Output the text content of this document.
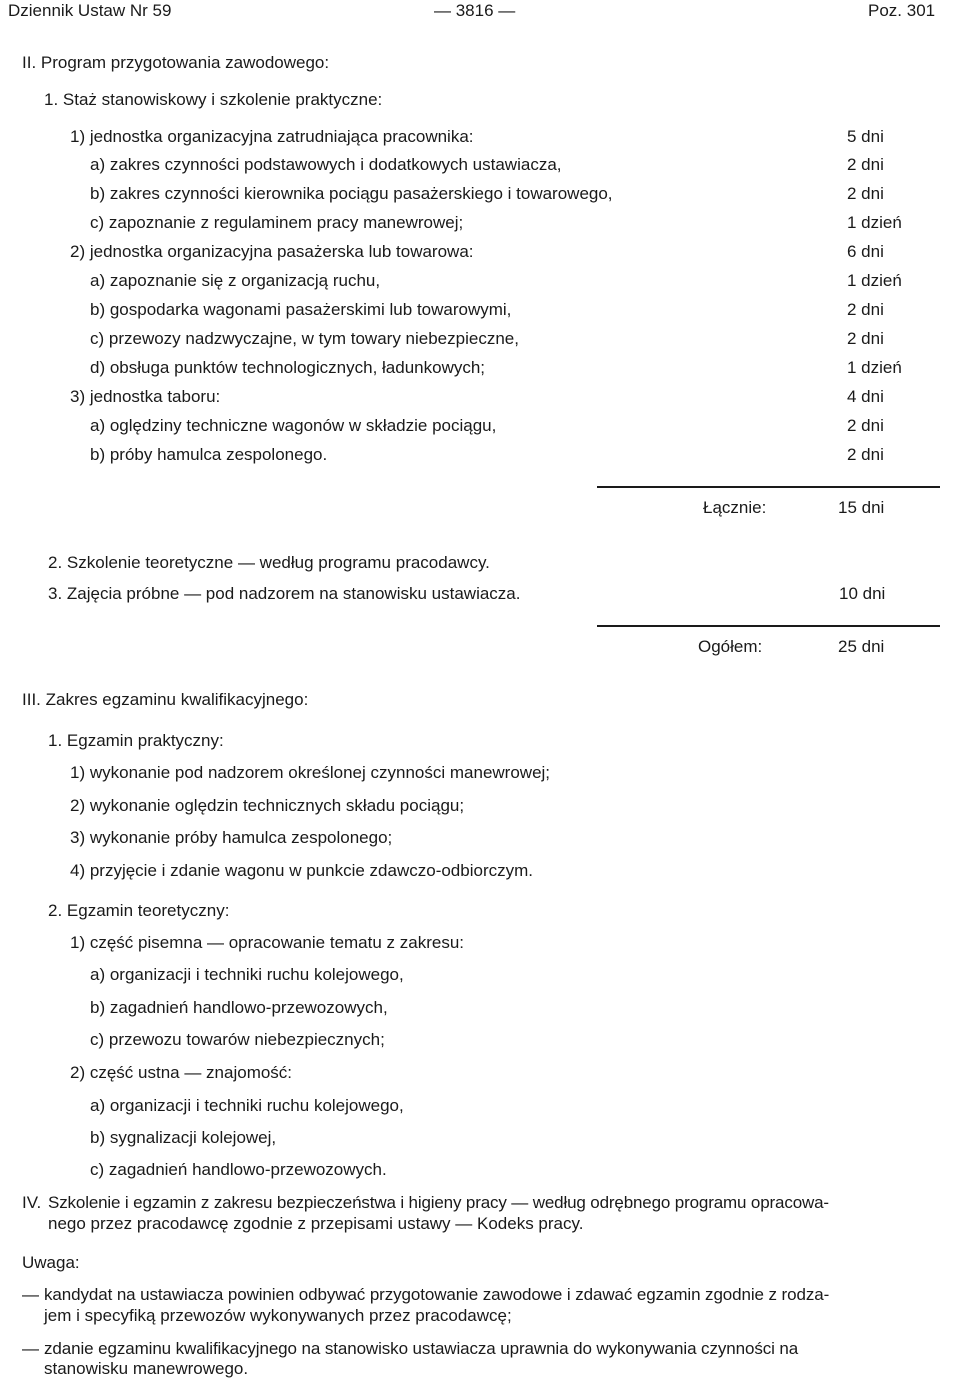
Dziennik Ustaw Nr 59	— 3816 —	Poz. 301
II. Program przygotowania zawodowego:
1. Staż stanowiskowy i szkolenie praktyczne:
1) jednostka organizacyjna zatrudniająca pracownika:	5 dni
a) zakres czynności podstawowych i dodatkowych ustawiacza,	2 dni
b) zakres czynności kierownika pociągu pasażerskiego i towarowego,	2 dni
c) zapoznanie z regulaminem pracy manewrowej;	1 dzień
2) jednostka organizacyjna pasażerska lub towarowa:	6 dni
a) zapoznanie się z organizacją ruchu,	1 dzień
b) gospodarka wagonami pasażerskimi lub towarowymi,	2 dni
c) przewozy nadzwyczajne, w tym towary niebezpieczne,	2 dni
d) obsługa punktów technologicznych, ładunkowych;	1 dzień
3) jednostka taboru:	4 dni
a) oględziny techniczne wagonów w składzie pociągu,	2 dni
b) próby hamulca zespolonego.	2 dni
Łącznie:	15 dni
2. Szkolenie teoretyczne — według programu pracodawcy.
3. Zajęcia próbne — pod nadzorem na stanowisku ustawiacza.	10 dni
Ogółem:	25 dni
III. Zakres egzaminu kwalifikacyjnego:
1. Egzamin praktyczny:
1) wykonanie pod nadzorem określonej czynności manewrowej;
2) wykonanie oględzin technicznych składu pociągu;
3) wykonanie próby hamulca zespolonego;
4) przyjęcie i zdanie wagonu w punkcie zdawczo-odbiorczym.
2. Egzamin teoretyczny:
1) część pisemna — opracowanie tematu z zakresu:
a) organizacji i techniki ruchu kolejowego,
b) zagadnień handlowo-przewozowych,
c) przewozu towarów niebezpiecznych;
2) część ustna — znajomość:
a) organizacji i techniki ruchu kolejowego,
b) sygnalizacji kolejowej,
c) zagadnień handlowo-przewozowych.
IV. Szkolenie i egzamin z zakresu bezpieczeństwa i higieny pracy — według odrębnego programu opracowa-
nego przez pracodawcę zgodnie z przepisami ustawy — Kodeks pracy.
Uwaga:
— kandydat na ustawiacza powinien odbywać przygotowanie zawodowe i zdawać egzamin zgodnie z rodza-
jem i specyfiką przewozów wykonywanych przez pracodawcę;
— zdanie egzaminu kwalifikacyjnego na stanowisko ustawiacza uprawnia do wykonywania czynności na
stanowisku manewrowego.
